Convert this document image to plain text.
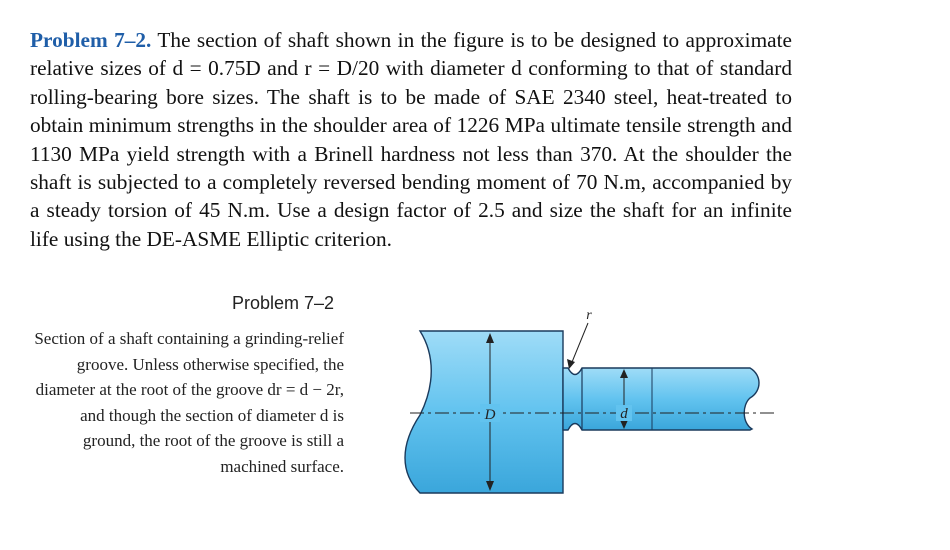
Problem 7–2. The section of shaft shown in the figure is to be designed to approximate relative sizes of d = 0.75D and r = D/20 with diameter d conforming to that of standard rolling-bearing bore sizes. The shaft is to be made of SAE 2340 steel, heat-treated to obtain minimum strengths in the shoulder area of 1226 MPa ultimate tensile strength and 1130 MPa yield strength with a Brinell hardness not less than 370. At the shoulder the shaft is subjected to a completely reversed bending moment of 70 N.m, accompanied by a steady torsion of 45 N.m. Use a design factor of 2.5 and size the shaft for an infinite life using the DE-ASME Elliptic criterion.
Problem 7–2
Section of a shaft containing a grinding-relief groove. Unless otherwise specified, the diameter at the root of the groove dr = d − 2r, and though the section of diameter d is ground, the root of the groove is still a machined surface.
D	d
r
